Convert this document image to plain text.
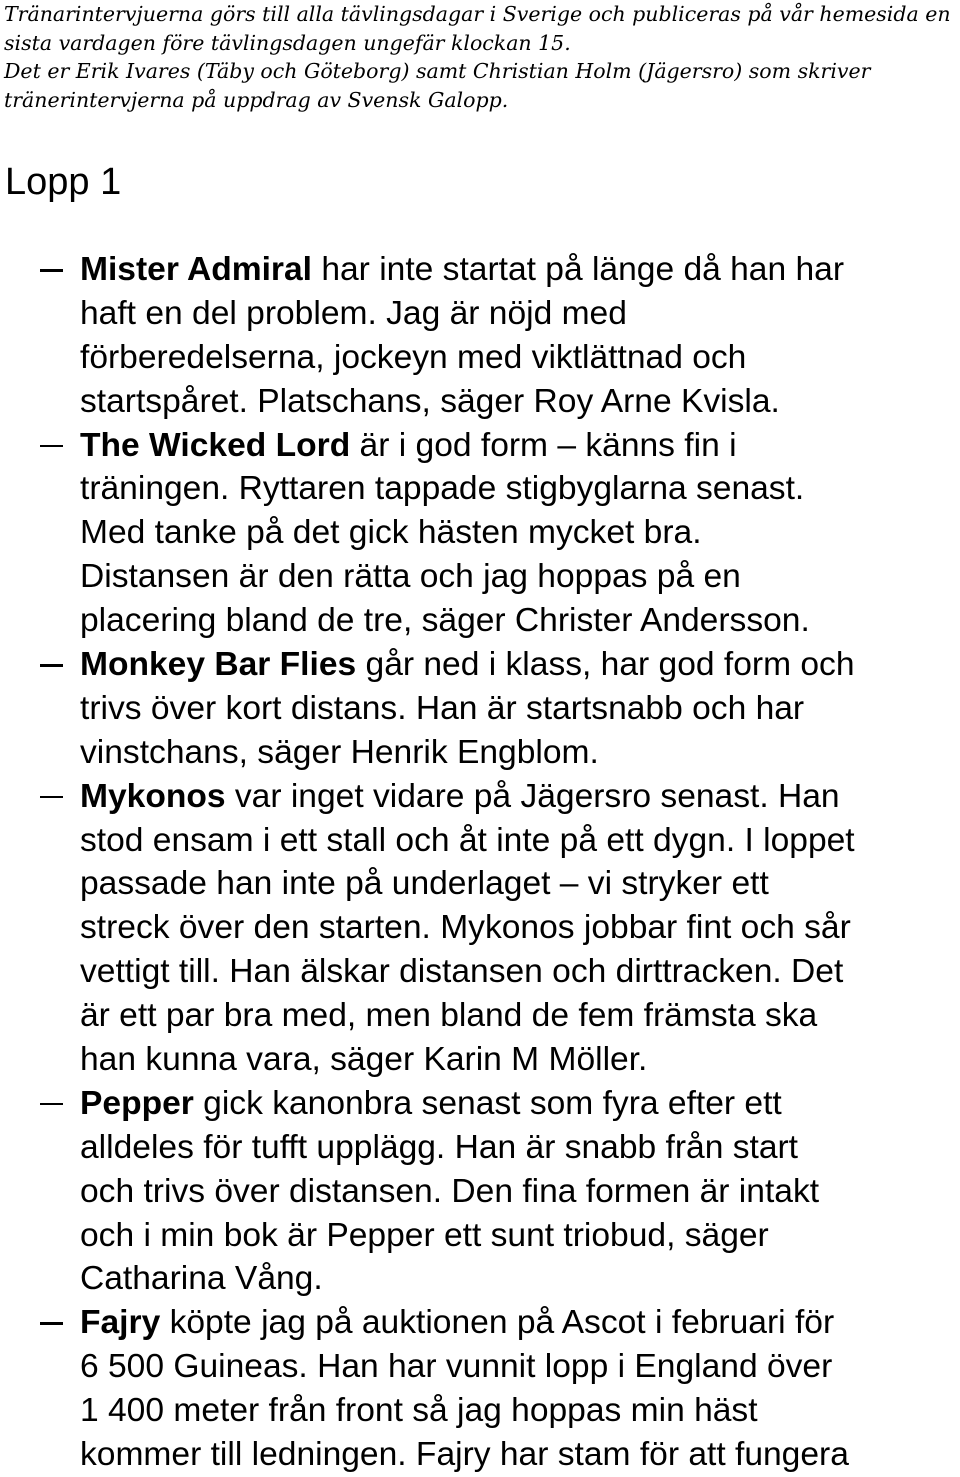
Tränarintervjuerna görs till alla tävlingsdagar i Sverige och publiceras på vår hemesida en
sista vardagen före tävlingsdagen ungefär klockan 15.
Det er Erik Ivares (Täby och Göteborg) samt Christian Holm (Jägersro) som skriver
tränerintervjerna på uppdrag av Svensk Galopp.
Lopp 1
Mister Admiral har inte startat på länge då han har
haft en del problem. Jag är nöjd med
förberedelserna, jockeyn med viktlättnad och
startspåret. Platschans, säger Roy Arne Kvisla.
The Wicked Lord är i god form – känns fin i
träningen. Ryttaren tappade stigbyglarna senast.
Med tanke på det gick hästen mycket bra.
Distansen är den rätta och jag hoppas på en
placering bland de tre, säger Christer Andersson.
Monkey Bar Flies går ned i klass, har god form och
trivs över kort distans. Han är startsnabb och har
vinstchans, säger Henrik Engblom.
Mykonos var inget vidare på Jägersro senast. Han
stod ensam i ett stall och åt inte på ett dygn. I loppet
passade han inte på underlaget – vi stryker ett
streck över den starten. Mykonos jobbar fint och sår
vettigt till. Han älskar distansen och dirttracken. Det
är ett par bra med, men bland de fem främsta ska
han kunna vara, säger Karin M Möller.
Pepper gick kanonbra senast som fyra efter ett
alldeles för tufft upplägg. Han är snabb från start
och trivs över distansen. Den fina formen är intakt
och i min bok är Pepper ett sunt triobud, säger
Catharina Vång.
Fajry köpte jag på auktionen på Ascot i februari för
6 500 Guineas. Han har vunnit lopp i England över
1 400 meter från front så jag hoppas min häst
kommer till ledningen. Fajry har stam för att fungera
